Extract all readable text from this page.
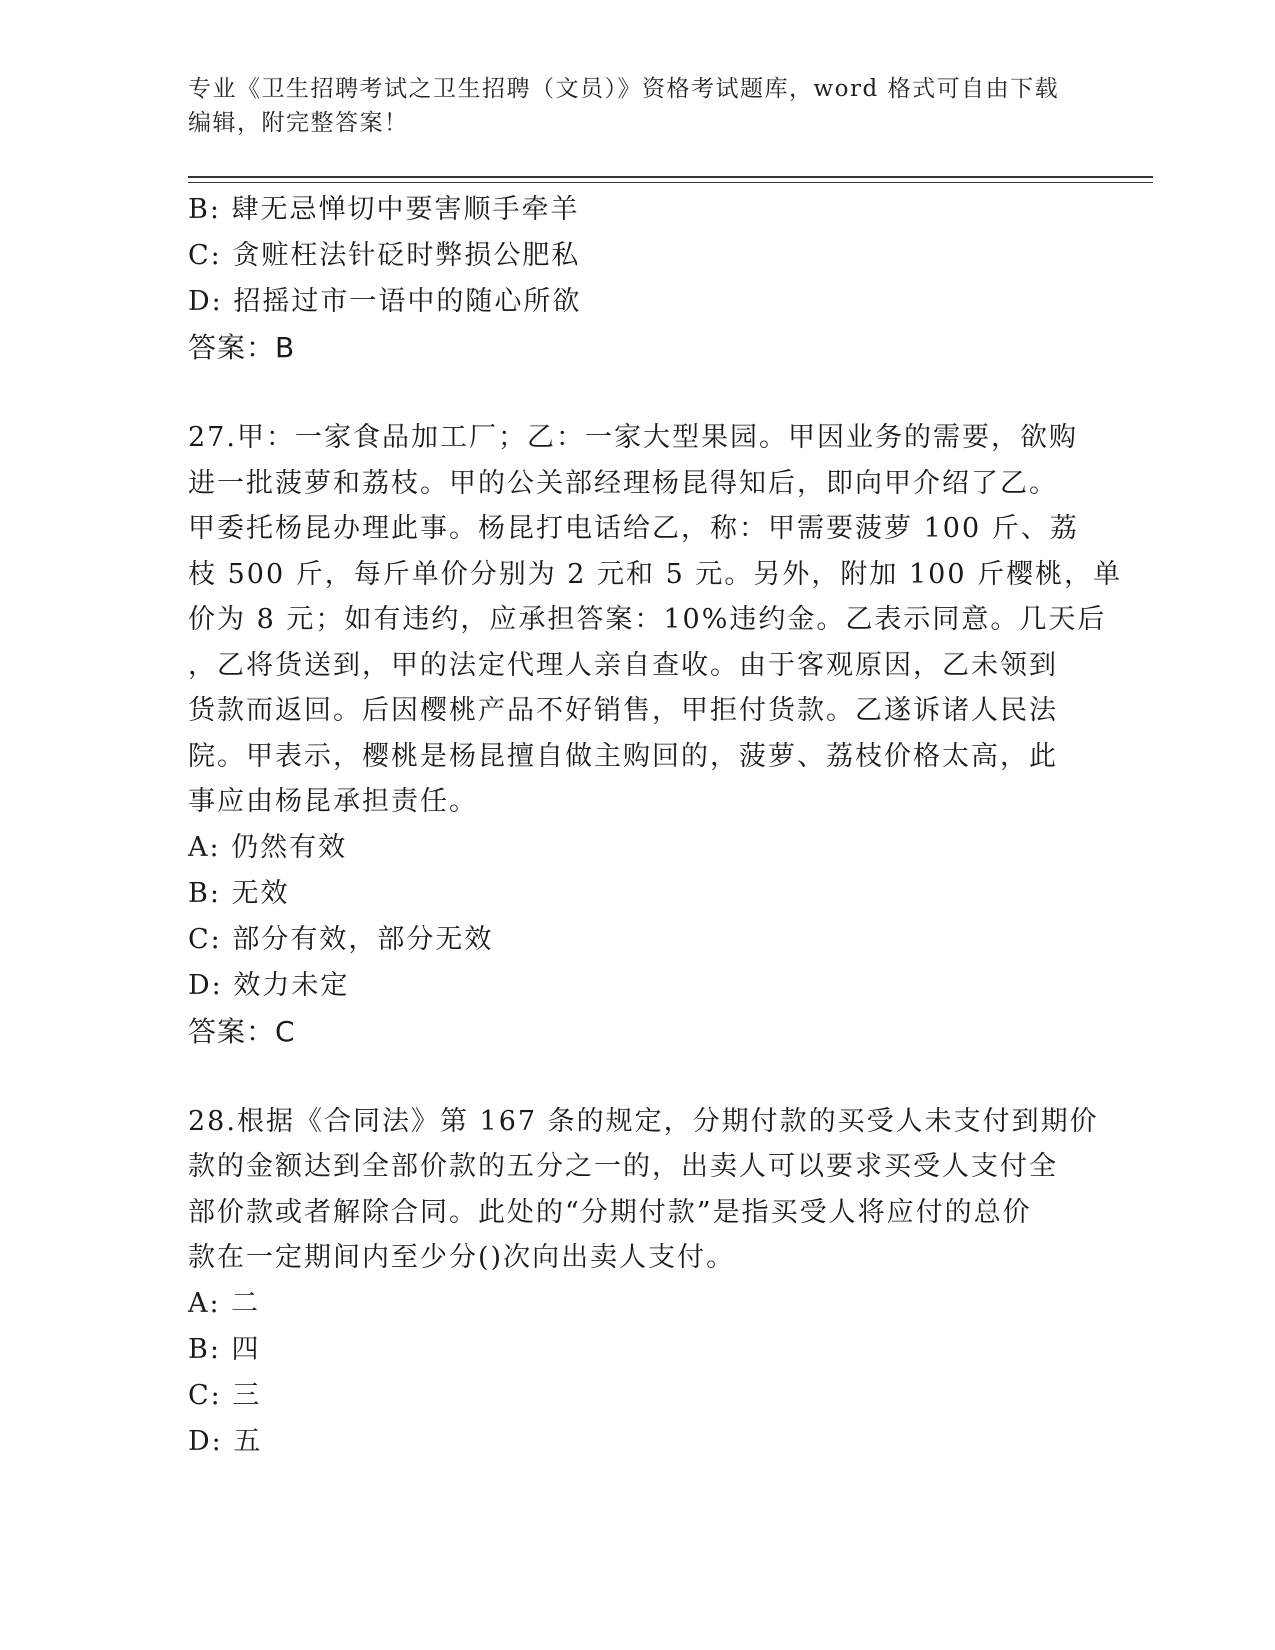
专业《卫生招聘考试之卫生招聘（文员）》资格考试题库，word 格式可自由下载
编辑，附完整答案！
B: 肆无忌惮切中要害顺手牵羊
C: 贪赃枉法针砭时弊损公肥私
D: 招摇过市一语中的随心所欲
答案：B
27.甲：一家食品加工厂；乙：一家大型果园。甲因业务的需要，欲购
进一批菠萝和荔枝。甲的公关部经理杨昆得知后，即向甲介绍了乙。
甲委托杨昆办理此事。杨昆打电话给乙，称：甲需要菠萝 100 斤、荔
枝 500 斤，每斤单价分别为 2 元和 5 元。另外，附加 100 斤樱桃，单
价为 8 元；如有违约，应承担答案：10%违约金。乙表示同意。几天后
，乙将货送到，甲的法定代理人亲自查收。由于客观原因，乙未领到
货款而返回。后因樱桃产品不好销售，甲拒付货款。乙遂诉诸人民法
院。甲表示，樱桃是杨昆擅自做主购回的，菠萝、荔枝价格太高，此
事应由杨昆承担责任。
A: 仍然有效
B: 无效
C: 部分有效，部分无效
D: 效力未定
答案：C
28.根据《合同法》第 167 条的规定，分期付款的买受人未支付到期价
款的金额达到全部价款的五分之一的，出卖人可以要求买受人支付全
部价款或者解除合同。此处的“分期付款”是指买受人将应付的总价
款在一定期间内至少分()次向出卖人支付。
A: 二
B: 四
C: 三
D: 五
